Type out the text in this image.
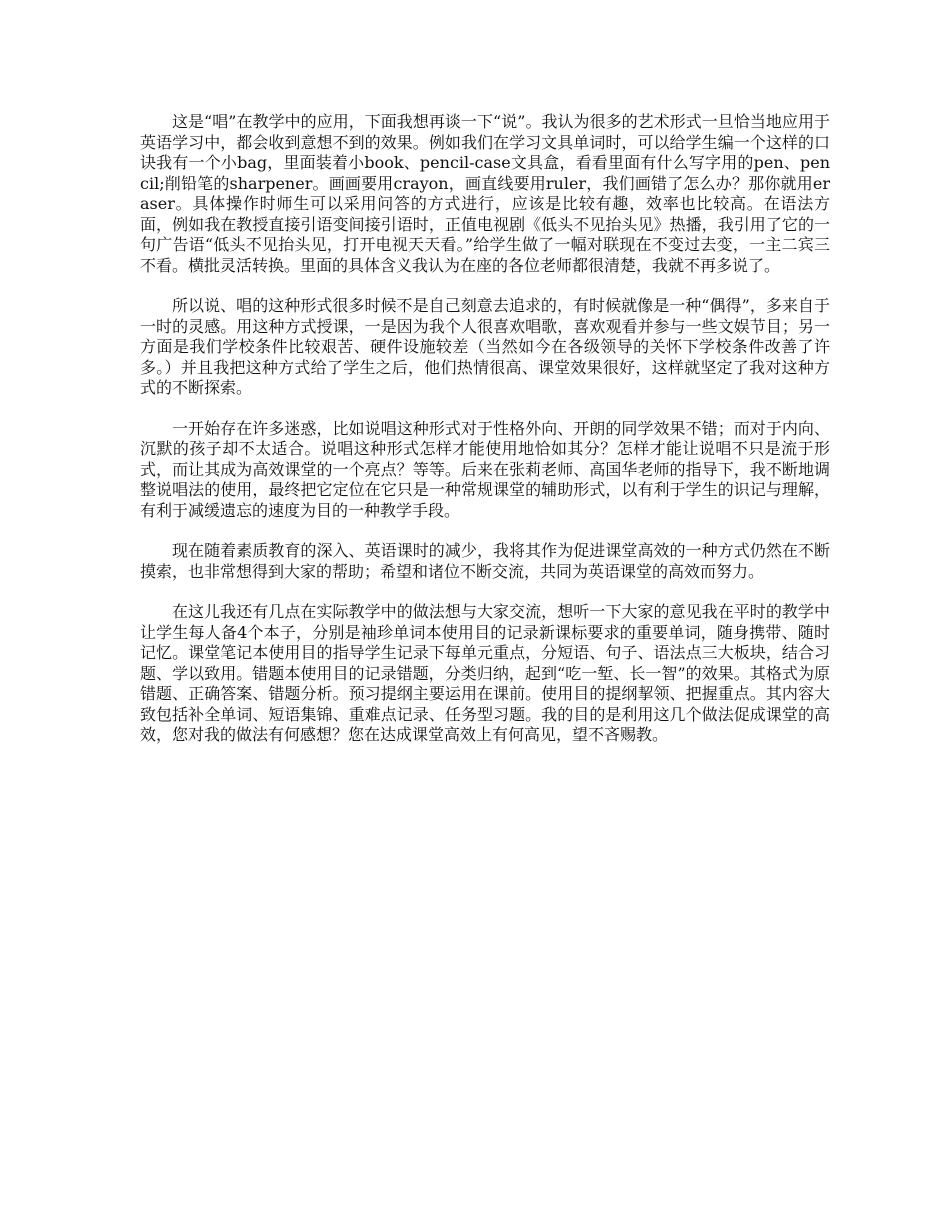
这是“唱”在教学中的应用，下面我想再谈一下“说”。我认为很多的艺术形式一旦恰当地应用于英语学习中，都会收到意想不到的效果。例如我们在学习文具单词时，可以给学生编一个这样的口诀我有一个小bag，里面装着小book、pencil-case文具盒，看看里面有什么写字用的pen、pencil;削铅笔的sharpener。画画要用crayon，画直线要用ruler，我们画错了怎么办？那你就用eraser。具体操作时师生可以采用问答的方式进行，应该是比较有趣，效率也比较高。在语法方面，例如我在教授直接引语变间接引语时，正值电视剧《低头不见抬头见》热播，我引用了它的一句广告语“低头不见抬头见，打开电视天天看。”给学生做了一幅对联现在不变过去变，一主二宾三不看。横批灵活转换。里面的具体含义我认为在座的各位老师都很清楚，我就不再多说了。

所以说、唱的这种形式很多时候不是自己刻意去追求的，有时候就像是一种“偶得”，多来自于一时的灵感。用这种方式授课，一是因为我个人很喜欢唱歌，喜欢观看并参与一些文娱节目；另一方面是我们学校条件比较艰苦、硬件设施较差（当然如今在各级领导的关怀下学校条件改善了许多。）并且我把这种方式给了学生之后，他们热情很高、课堂效果很好，这样就坚定了我对这种方式的不断探索。

一开始存在许多迷惑，比如说唱这种形式对于性格外向、开朗的同学效果不错；而对于内向、沉默的孩子却不太适合。说唱这种形式怎样才能使用地恰如其分？怎样才能让说唱不只是流于形式，而让其成为高效课堂的一个亮点？等等。后来在张莉老师、高国华老师的指导下，我不断地调整说唱法的使用，最终把它定位在它只是一种常规课堂的辅助形式，以有利于学生的识记与理解，有利于减缓遗忘的速度为目的一种教学手段。

现在随着素质教育的深入、英语课时的减少，我将其作为促进课堂高效的一种方式仍然在不断摸索，也非常想得到大家的帮助；希望和诸位不断交流，共同为英语课堂的高效而努力。

在这儿我还有几点在实际教学中的做法想与大家交流，想听一下大家的意见我在平时的教学中让学生每人备4个本子，分别是袖珍单词本使用目的记录新课标要求的重要单词，随身携带、随时记忆。课堂笔记本使用目的指导学生记录下每单元重点，分短语、句子、语法点三大板块，结合习题、学以致用。错题本使用目的记录错题，分类归纳，起到“吃一堑、长一智”的效果。其格式为原错题、正确答案、错题分析。预习提纲主要运用在课前。使用目的提纲挈领、把握重点。其内容大致包括补全单词、短语集锦、重难点记录、任务型习题。我的目的是利用这几个做法促成课堂的高效，您对我的做法有何感想？您在达成课堂高效上有何高见，望不吝赐教。
